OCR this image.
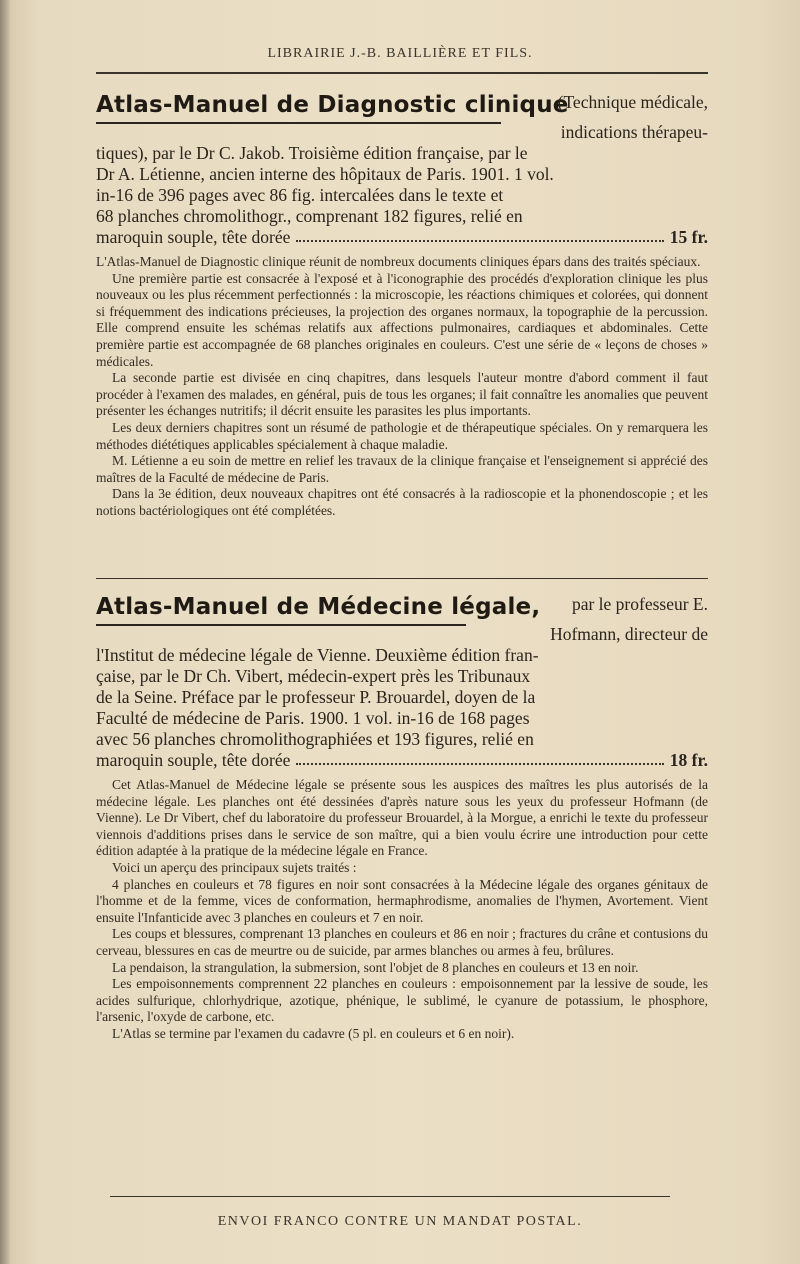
LIBRAIRIE J.-B. BAILLIÈRE ET FILS.
Atlas-Manuel de Diagnostic clinique
(Technique médicale,
indications thérapeu-
tiques), par le Dr C. Jakob. Troisième édition française, par le
Dr A. Létienne, ancien interne des hôpitaux de Paris. 1901. 1 vol.
in-16 de 396 pages avec 86 fig. intercalées dans le texte et
68 planches chromolithogr., comprenant 182 figures, relié en
maroquin souple, tête dorée	15 fr.

L'Atlas-Manuel de Diagnostic clinique réunit de nombreux documents cliniques épars dans des traités spéciaux.

Une première partie est consacrée à l'exposé et à l'iconographie des procédés d'exploration clinique les plus nouveaux ou les plus récemment perfectionnés : la microscopie, les réactions chimiques et colorées, qui donnent si fréquemment des indications précieuses, la projection des organes normaux, la topographie de la percussion. Elle comprend ensuite les schémas relatifs aux affections pulmonaires, cardiaques et abdominales. Cette première partie est accompagnée de 68 planches originales en couleurs. C'est une série de « leçons de choses » médicales.

La seconde partie est divisée en cinq chapitres, dans lesquels l'auteur montre d'abord comment il faut procéder à l'examen des malades, en général, puis de tous les organes; il fait connaître les anomalies que peuvent présenter les échanges nutritifs; il décrit ensuite les parasites les plus importants.

Les deux derniers chapitres sont un résumé de pathologie et de thérapeutique spéciales. On y remarquera les méthodes diététiques applicables spécialement à chaque maladie.

M. Létienne a eu soin de mettre en relief les travaux de la clinique française et l'enseignement si apprécié des maîtres de la Faculté de médecine de Paris.

Dans la 3e édition, deux nouveaux chapitres ont été consacrés à la radioscopie et la phonendoscopie ; et les notions bactériologiques ont été complétées.

Atlas-Manuel de Médecine légale, par le professeur E.
Hofmann, directeur de
l'Institut de médecine légale de Vienne. Deuxième édition fran-
çaise, par le Dr Ch. Vibert, médecin-expert près les Tribunaux
de la Seine. Préface par le professeur P. Brouardel, doyen de la
Faculté de médecine de Paris. 1900. 1 vol. in-16 de 168 pages
avec 56 planches chromolithographiées et 193 figures, relié en
maroquin souple, tête dorée	18 fr.

Cet Atlas-Manuel de Médecine légale se présente sous les auspices des maîtres les plus autorisés de la médecine légale. Les planches ont été dessinées d'après nature sous les yeux du professeur Hofmann (de Vienne). Le Dr Vibert, chef du laboratoire du professeur Brouardel, à la Morgue, a enrichi le texte du professeur viennois d'additions prises dans le service de son maître, qui a bien voulu écrire une introduction pour cette édition adaptée à la pratique de la médecine légale en France.

Voici un aperçu des principaux sujets traités :

4 planches en couleurs et 78 figures en noir sont consacrées à la Médecine légale des organes génitaux de l'homme et de la femme, vices de conformation, hermaphrodisme, anomalies de l'hymen, Avortement. Vient ensuite l'Infanticide avec 3 planches en couleurs et 7 en noir.

Les coups et blessures, comprenant 13 planches en couleurs et 86 en noir ; fractures du crâne et contusions du cerveau, blessures en cas de meurtre ou de suicide, par armes blanches ou armes à feu, brûlures.

La pendaison, la strangulation, la submersion, sont l'objet de 8 planches en couleurs et 13 en noir.

Les empoisonnements comprennent 22 planches en couleurs : empoisonnement par la lessive de soude, les acides sulfurique, chlorhydrique, azotique, phénique, le sublimé, le cyanure de potassium, le phosphore, l'arsenic, l'oxyde de carbone, etc.

L'Atlas se termine par l'examen du cadavre (5 pl. en couleurs et 6 en noir).

ENVOI FRANCO CONTRE UN MANDAT POSTAL.
